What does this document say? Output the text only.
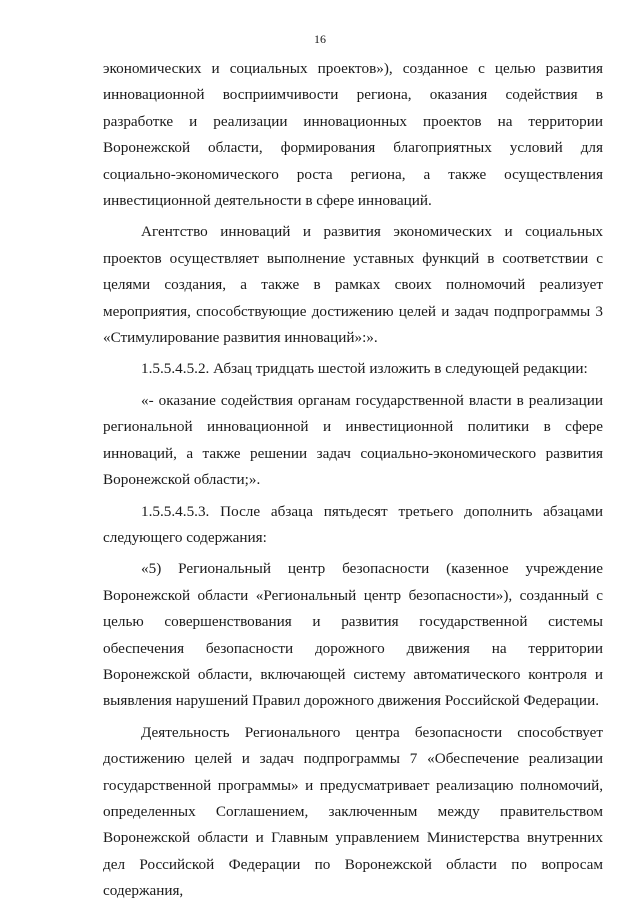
16

экономических и социальных проектов»), созданное с целью развития инновационной восприимчивости региона, оказания содействия в разработке и реализации инновационных проектов на территории Воронежской области, формирования благоприятных условий для социально-экономического роста региона, а также осуществления инвестиционной деятельности в сфере инноваций.

Агентство инноваций и развития экономических и социальных проектов осуществляет выполнение уставных функций в соответствии с целями создания, а также в рамках своих полномочий реализует мероприятия, способствующие достижению целей и задач подпрограммы 3 «Стимулирование развития инноваций»:».

1.5.5.4.5.2. Абзац тридцать шестой изложить в следующей редакции:

«- оказание содействия органам государственной власти в реализации региональной инновационной и инвестиционной политики в сфере инноваций, а также решении задач социально-экономического развития Воронежской области;».

1.5.5.4.5.3. После абзаца пятьдесят третьего дополнить абзацами следующего содержания:

«5) Региональный центр безопасности (казенное учреждение Воронежской области «Региональный центр безопасности»), созданный с целью совершенствования и развития государственной системы обеспечения безопасности дорожного движения на территории Воронежской области, включающей систему автоматического контроля и выявления нарушений Правил дорожного движения Российской Федерации.

Деятельность Регионального центра безопасности способствует достижению целей и задач подпрограммы 7 «Обеспечение реализации государственной программы» и предусматривает реализацию полномочий, определенных Соглашением, заключенным между правительством Воронежской области и Главным управлением Министерства внутренних дел Российской Федерации по Воронежской области по вопросам содержания,
